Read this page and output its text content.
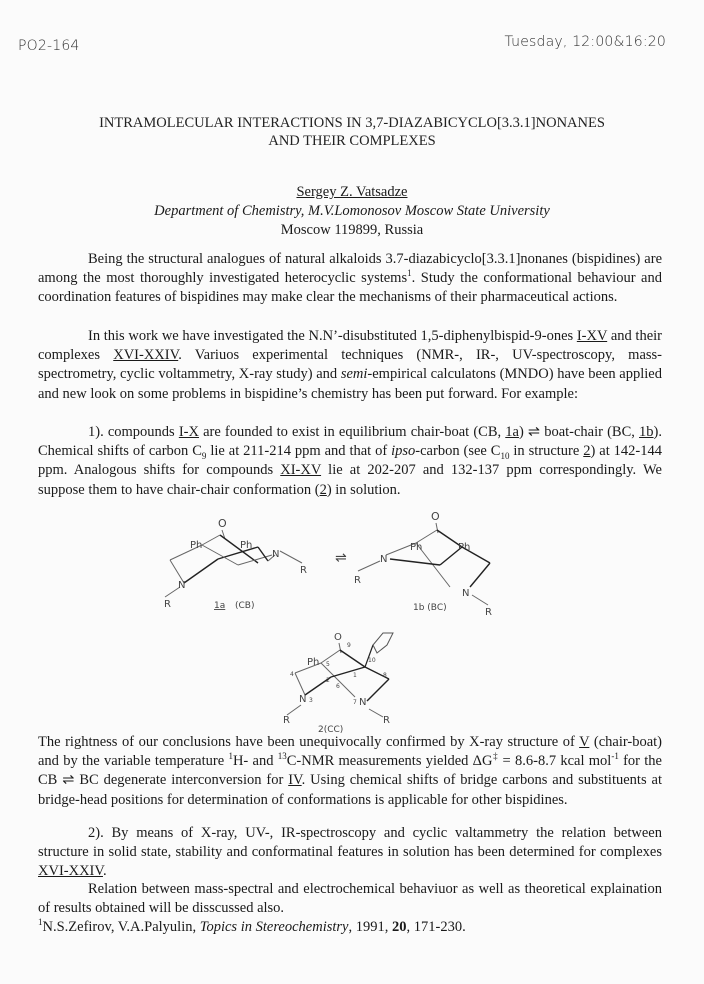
PO2-164	Tuesday, 12:00&16:20
INTRAMOLECULAR INTERACTIONS IN 3,7-DIAZABICYCLO[3.3.1]NONANES
AND THEIR COMPLEXES
Sergey Z. Vatsadze
Department of Chemistry, M.V.Lomonosov Moscow State University
Moscow 119899, Russia
Being the structural analogues of natural alkaloids 3.7-diazabicyclo[3.3.1]nonanes (bispidines) are among the most thoroughly investigated heterocyclic systems$^1$. Study the conformational behaviour and coordination features of bispidines may make clear the mechanisms of their pharmaceutical actions.
In this work we have investigated the N.N’-disubstituted 1,5-diphenylbispid-9-ones I-XV and their complexes XVI-XXIV. Variuos experimental techniques (NMR-, IR-, UV-spectroscopy, mass-spectrometry, cyclic voltammetry, X-ray study) and semi-empirical calculatons (MNDO) have been applied and new look on some problems in bispidine’s chemistry has been put forward. For example:
1). compounds I-X are founded to exist in equilibrium chair-boat (CB, 1a) ⇌ boat-chair (BC, 1b). Chemical shifts of carbon $C_9$ lie at 211-214 ppm and that of ipso-carbon (see $C_{10}$ in structure 2) at 142-144 ppm. Analogous shifts for compounds XI-XV lie at 202-207 and 132-137 ppm correspondingly. We suppose them to have chair-chair conformation (2) in solution.
O
Ph	Ph
N
N
R
R	1a (CB)
⇌
O
Ph	Ph
N
N
R
R
1b (BC)
O
Ph
N	N
R	R
9
5
10
4
2
1
6
8
3	7
2(CC)
The rightness of our conclusions have been unequivocally confirmed by X-ray structure of V (chair-boat) and by the variable temperature $^1$H- and $^{13}$C-NMR measurements yielded ΔG‡ = 8.6-8.7 kcal mol$^{-1}$ for the CB ⇌ BC degenerate interconversion for IV. Using chemical shifts of bridge carbons and substituents at bridge-head positions for determination of conformations is applicable for other bispidines.
2). By means of X-ray, UV-, IR-spectroscopy and cyclic valtammetry the relation between structure in solid state, stability and conformatinal features in solution has been determined for complexes XVI-XXIV.
Relation between mass-spectral and electrochemical behaviuor as well as theoretical explaination of results obtained will be disscussed also.
$^1$N.S.Zefirov, V.A.Palyulin, Topics in Stereochemistry, 1991, 20, 171-230.
